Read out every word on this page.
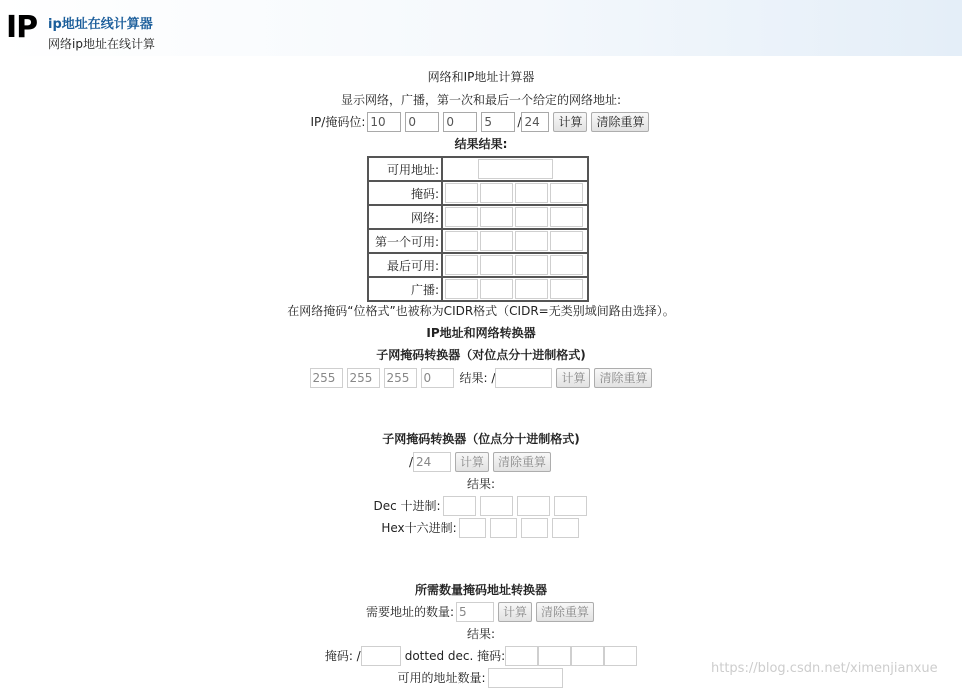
IP ip地址在线计算器
网络ip地址在线计算
网络和IP地址计算器
显示网络，广播，第一次和最后一个给定的网络地址:
IP/掩码位:
10
0
0
5	/
24	计算	清除重算
结果结果:
可用地址:	
掩码:	
网络:	
第一个可用:	
最后可用:	
广播:	
在网络掩码“位格式”也被称为CIDR格式（CIDR=无类别域间路由选择）。
IP地址和网络转换器
子网掩码转换器（对位点分十进制格式)
255
255
255
0
结果: /	计算	清除重算
子网掩码转换器（位点分十进制格式)
/
24	计算	清除重算
结果:
Dec 十进制:
Hex十六进制:
所需数量掩码地址转换器
需要地址的数量:
5	计算	清除重算
结果:
掩码: /	dotted dec. 掩码:
可用的地址数量:
https://blog.csdn.net/ximenjianxue
